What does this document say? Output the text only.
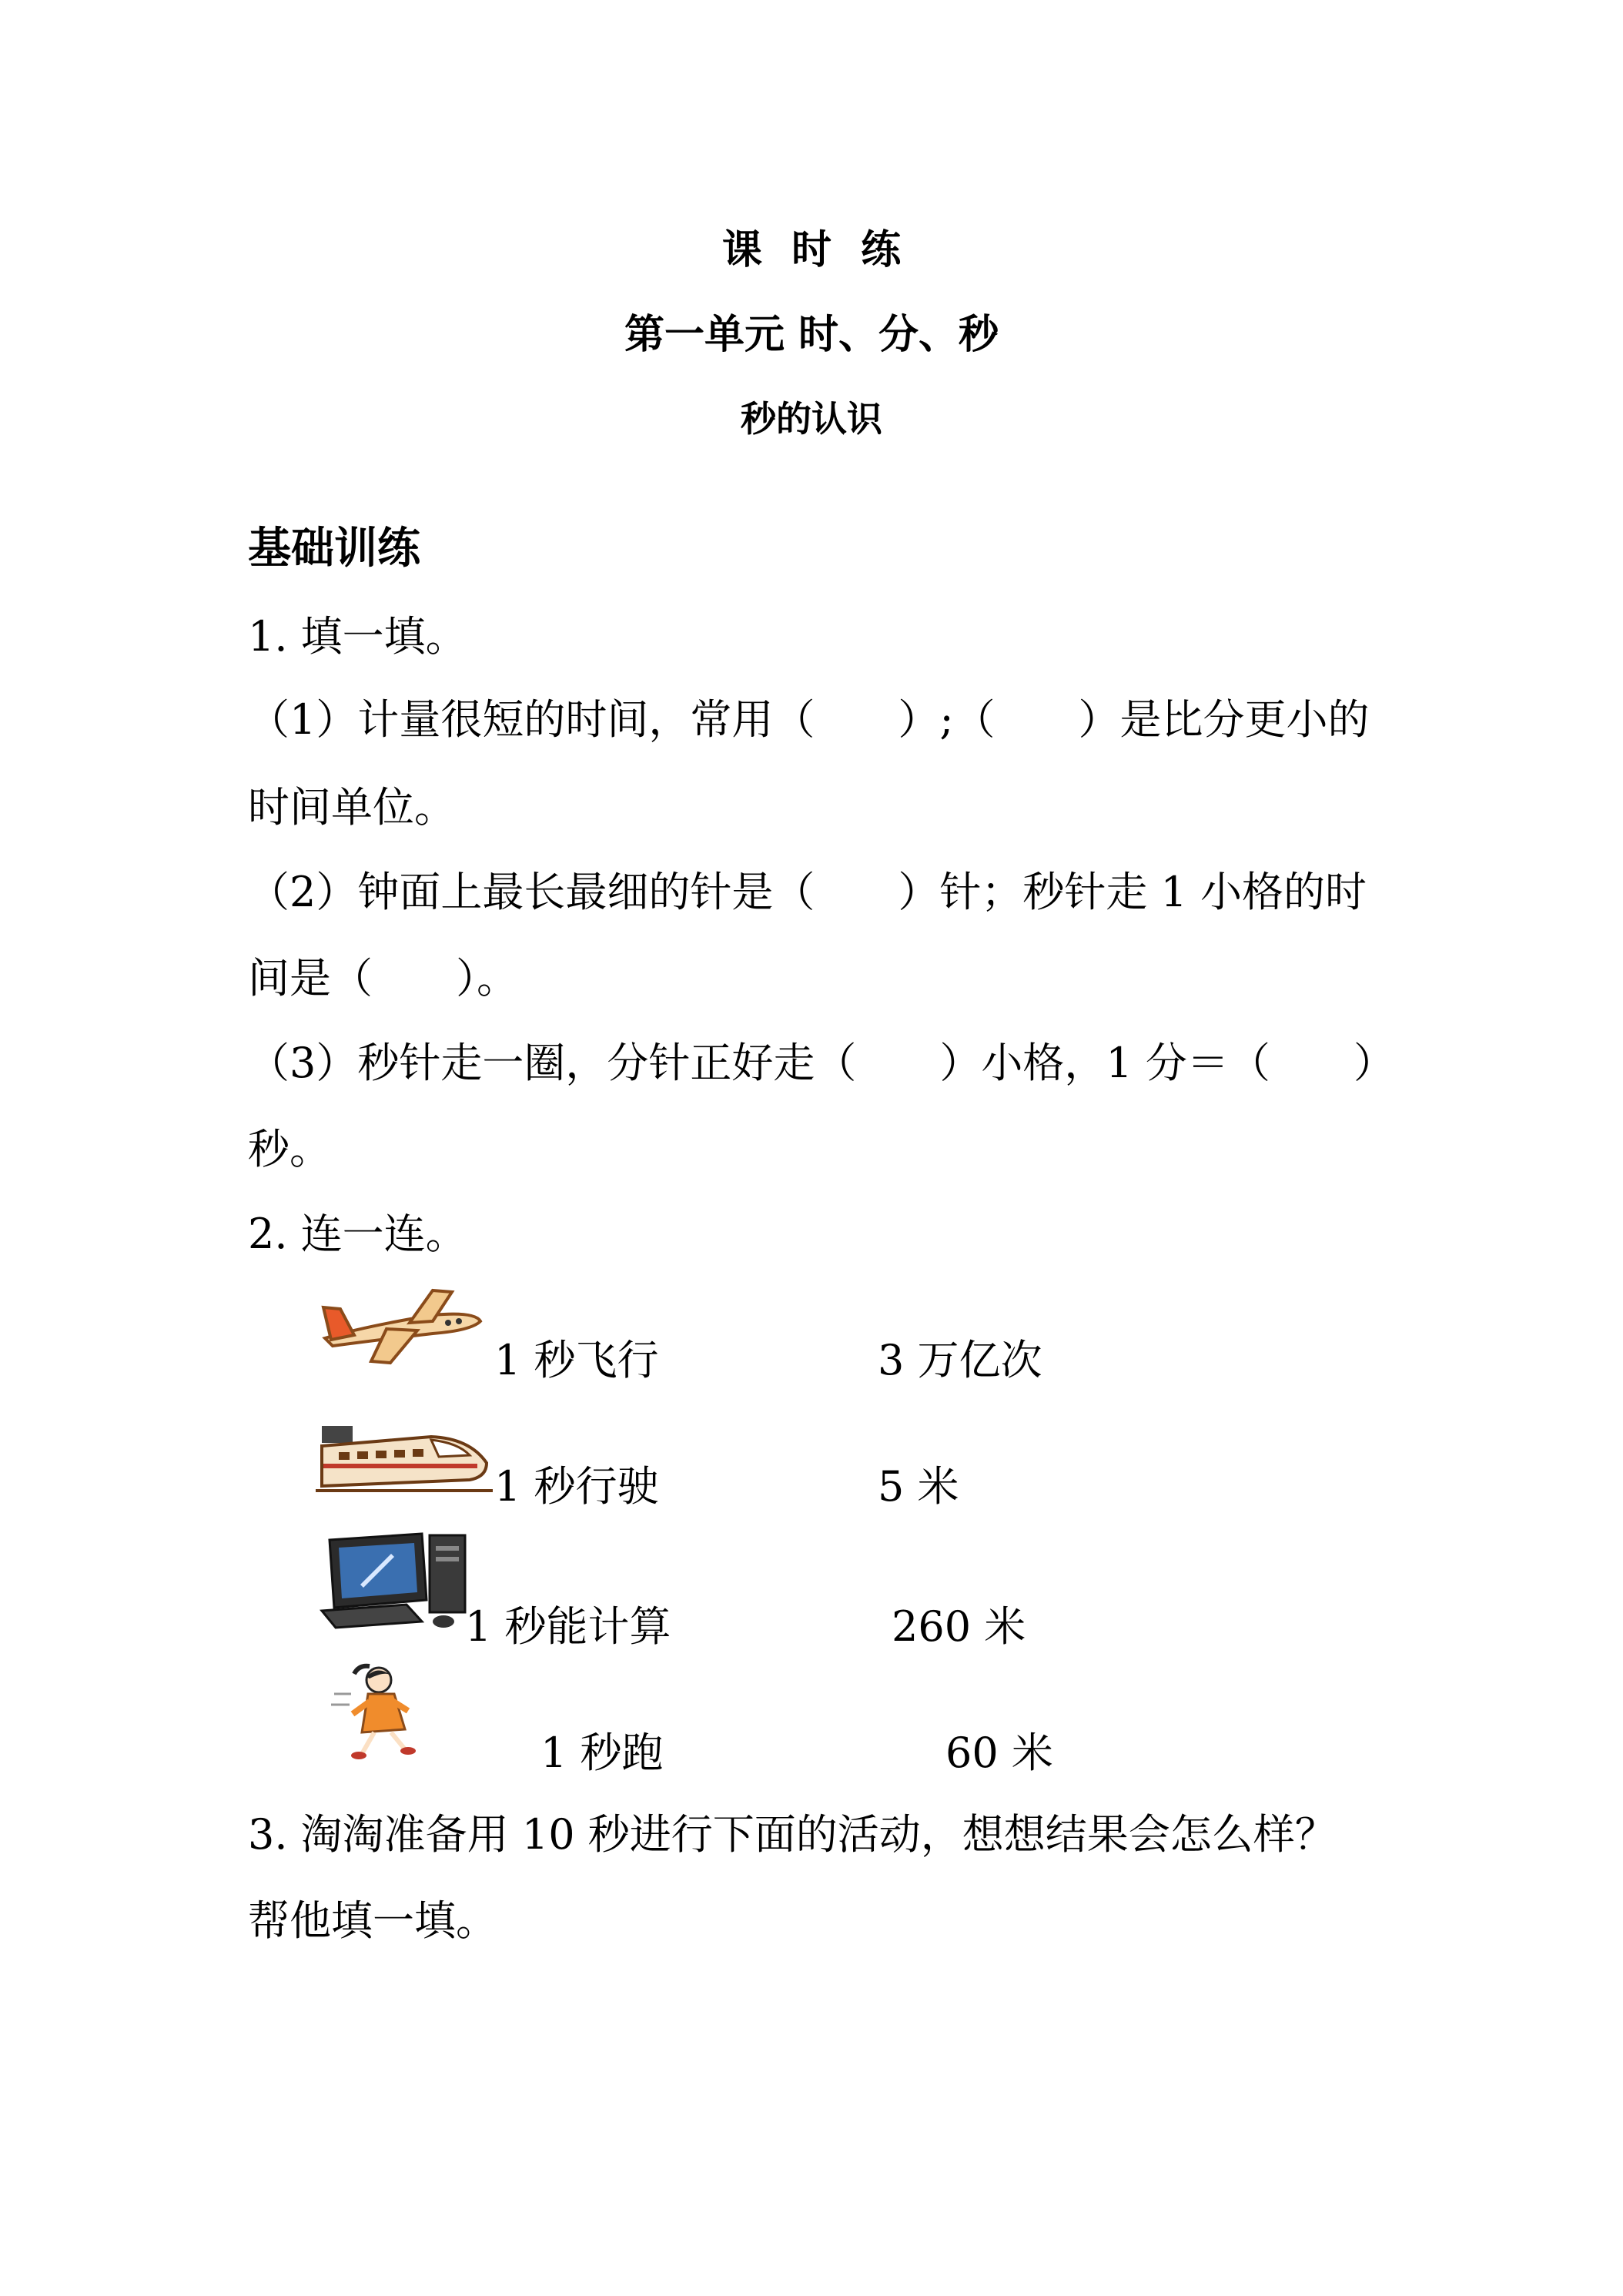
课 时 练
第一单元 时、分、秒
秒的认识
基础训练
1. 填一填。
（1）计量很短的时间，常用（　　）;（　　）是比分更小的
时间单位。
（2）钟面上最长最细的针是（　　）针；秒针走 1 小格的时
间是（　　）。
（3）秒针走一圈，分针正好走（　　）小格，1 分＝（　　）
秒。
2. 连一连。
1 秒飞行	3 万亿次
1 秒行驶	5 米
1 秒能计算	260 米
1 秒跑	60 米
3. 淘淘准备用 10 秒进行下面的活动，想想结果会怎么样？
帮他填一填。
